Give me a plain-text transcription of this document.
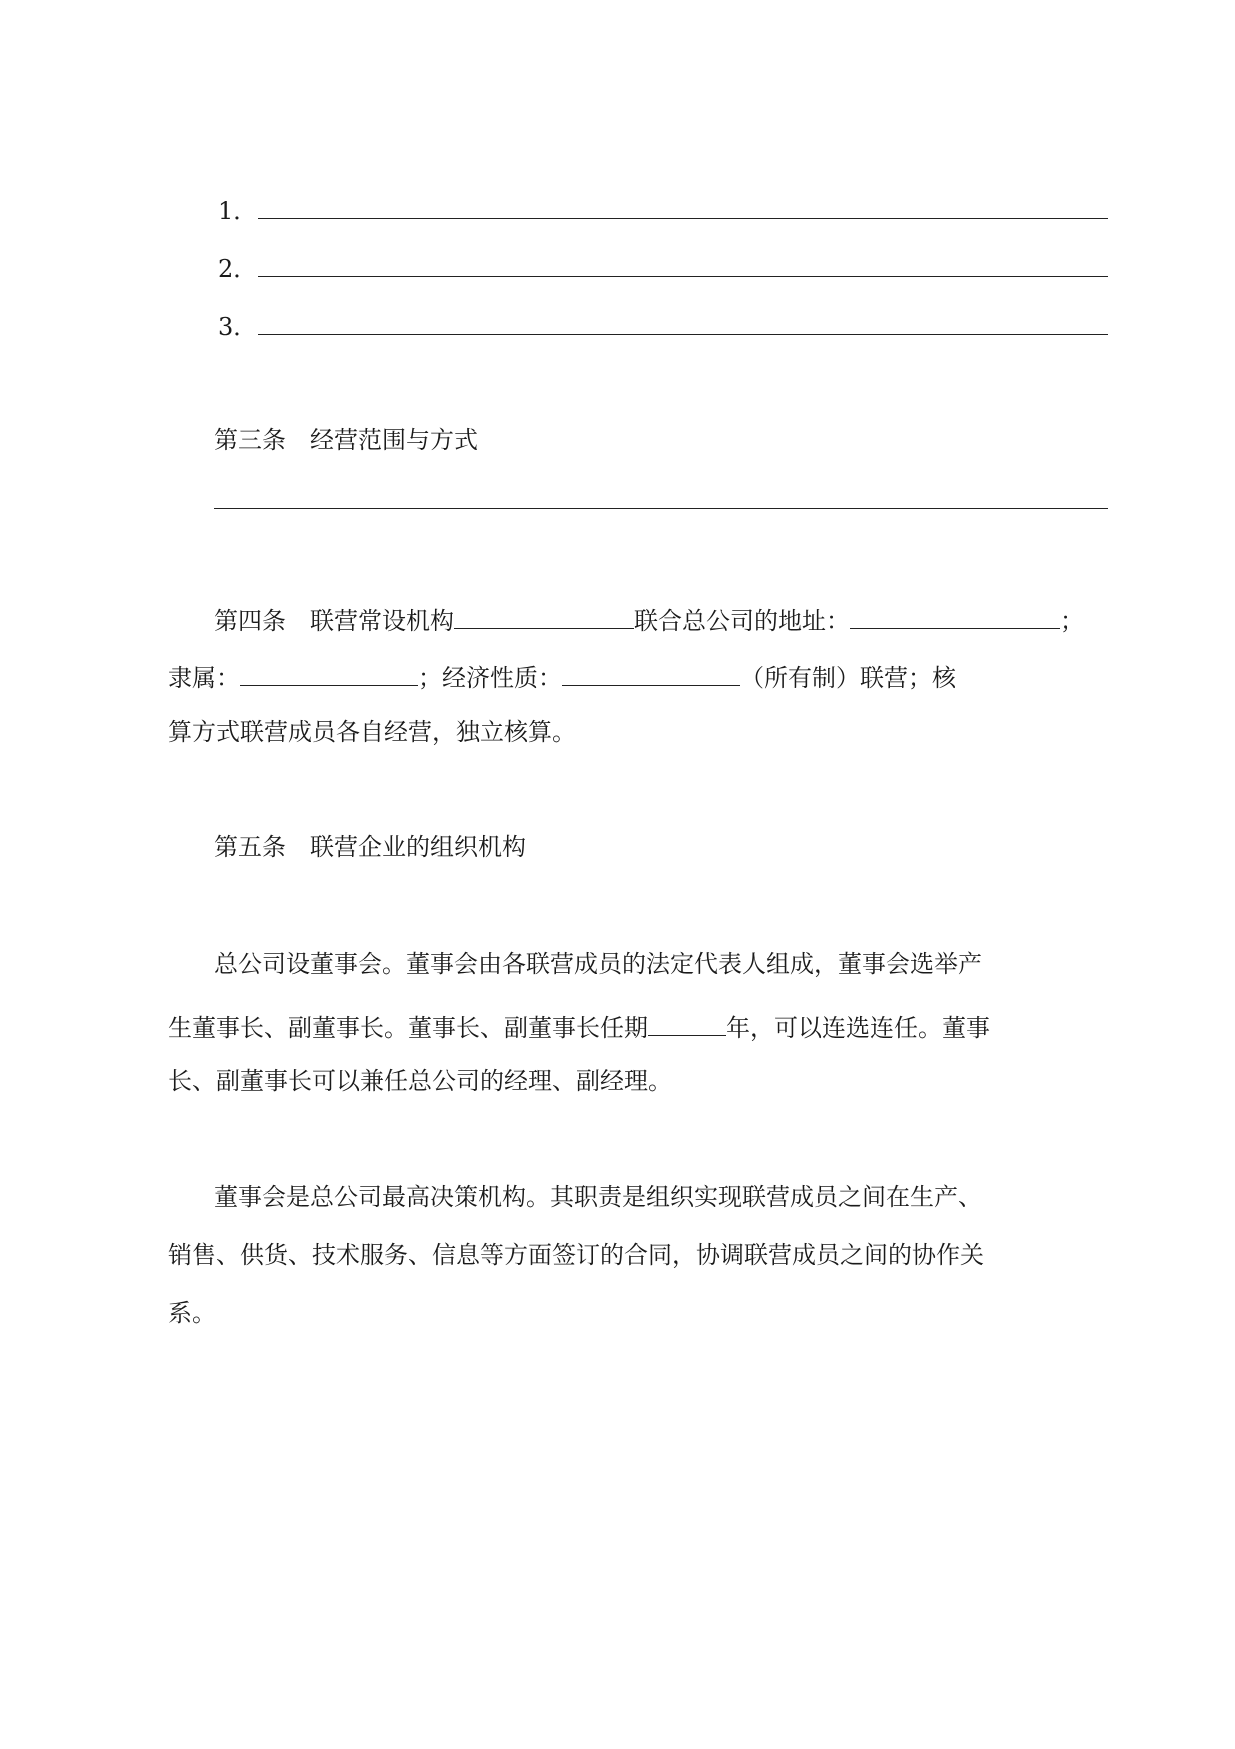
1．
2．
3．
第三条　经营范围与方式
第四条　联营常设机构	联合总公司的地址：	；
隶属：	；经济性质：	（所有制）联营；核
算方式联营成员各自经营，独立核算。
第五条　联营企业的组织机构
总公司设董事会。董事会由各联营成员的法定代表人组成，董事会选举产
生董事长、副董事长。董事长、副董事长任期	年，可以连选连任。董事
长、副董事长可以兼任总公司的经理、副经理。
董事会是总公司最高决策机构。其职责是组织实现联营成员之间在生产、
销售、供货、技术服务、信息等方面签订的合同，协调联营成员之间的协作关
系。
